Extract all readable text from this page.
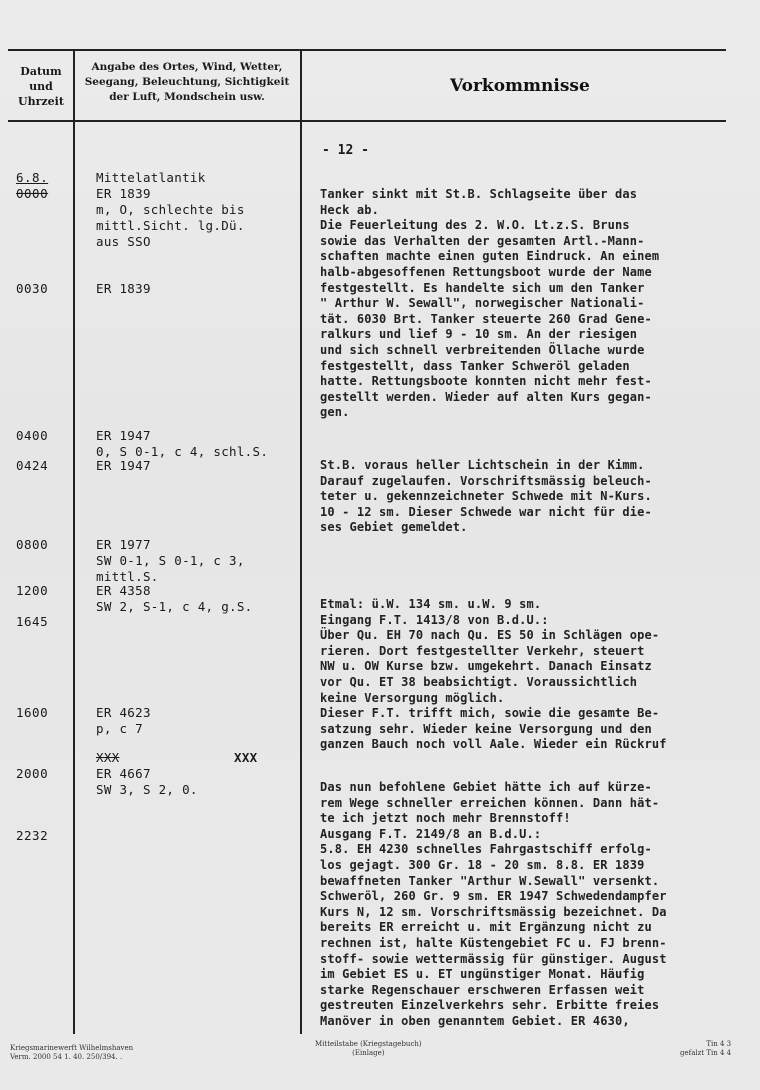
Datum
und
Uhrzeit
Angabe des Ortes, Wind, Wetter,
Seegang, Beleuchtung, Sichtigkeit
der Luft, Mondschein usw.
Vorkommnisse
- 12 -
6.8.
0000
0030
0400
0424
0800
1200
1645
1600
2000
2232
Mittelatlantik
ER 1839
m, O, schlechte bis
mittl.Sicht. lg.Dü.
aus SSO
ER 1839
ER 1947
0, S 0-1, c 4, schl.S.
ER 1947
ER 1977
SW 0-1, S 0-1, c 3,
mittl.S.
ER 4358
SW 2, S-1, c 4, g.S.
ER 4623
p, c 7
XXX	XXX
ER 4667
SW 3, S 2, 0.
Tanker sinkt mit St.B. Schlagseite über das
Heck ab.
Die Feuerleitung des 2. W.O. Lt.z.S. Bruns
sowie das Verhalten der gesamten Artl.-Mann-
schaften machte einen guten Eindruck. An einem
halb-abgesoffenen Rettungsboot wurde der Name
festgestellt. Es handelte sich um den Tanker
" Arthur W. Sewall", norwegischer Nationali-
tät. 6030 Brt. Tanker steuerte 260 Grad Gene-
ralkurs und lief 9 - 10 sm. An der riesigen
und sich schnell verbreitenden Öllache wurde
festgestellt, dass Tanker Schweröl geladen
hatte. Rettungsboote konnten nicht mehr fest-
gestellt werden. Wieder auf alten Kurs gegan-
gen.
St.B. voraus heller Lichtschein in der Kimm.
Darauf zugelaufen. Vorschriftsmässig beleuch-
teter u. gekennzeichneter Schwede mit N-Kurs.
10 - 12 sm. Dieser Schwede war nicht für die-
ses Gebiet gemeldet.
Etmal: ü.W. 134 sm. u.W. 9 sm.
Eingang F.T. 1413/8 von B.d.U.:
Über Qu. EH 70 nach Qu. ES 50 in Schlägen ope-
rieren. Dort festgestellter Verkehr, steuert
NW u. OW Kurse bzw. umgekehrt. Danach Einsatz
vor Qu. ET 38 beabsichtigt. Voraussichtlich
keine Versorgung möglich.
Dieser F.T. trifft mich, sowie die gesamte Be-
satzung sehr. Wieder keine Versorgung und den
ganzen Bauch noch voll Aale. Wieder ein Rückruf
Das nun befohlene Gebiet hätte ich auf kürze-
rem Wege schneller erreichen können. Dann hät-
te ich jetzt noch mehr Brennstoff!
Ausgang F.T. 2149/8 an B.d.U.:
5.8. EH 4230 schnelles Fahrgastschiff erfolg-
los gejagt. 300 Gr. 18 - 20 sm. 8.8. ER 1839
bewaffneten Tanker "Arthur W.Sewall" versenkt.
Schweröl, 260 Gr. 9 sm. ER 1947 Schwedendampfer
Kurs N, 12 sm. Vorschriftsmässig bezeichnet. Da
bereits ER erreicht u. mit Ergänzung nicht zu
rechnen ist, halte Küstengebiet FC u. FJ brenn-
stoff- sowie wettermässig für günstiger. August
im Gebiet ES u. ET ungünstiger Monat. Häufig
starke Regenschauer erschweren Erfassen weit
gestreuten Einzelverkehrs sehr. Erbitte freies
Manöver in oben genanntem Gebiet. ER 4630,
Kriegsmarinewerft Wilhelmshaven
Verm. 2000 54 1. 40. 250/394. .
Mitteilstabe (Kriegstagebuch)
(Einlage)
Tin 4 3
gefalzt Tin 4 4
